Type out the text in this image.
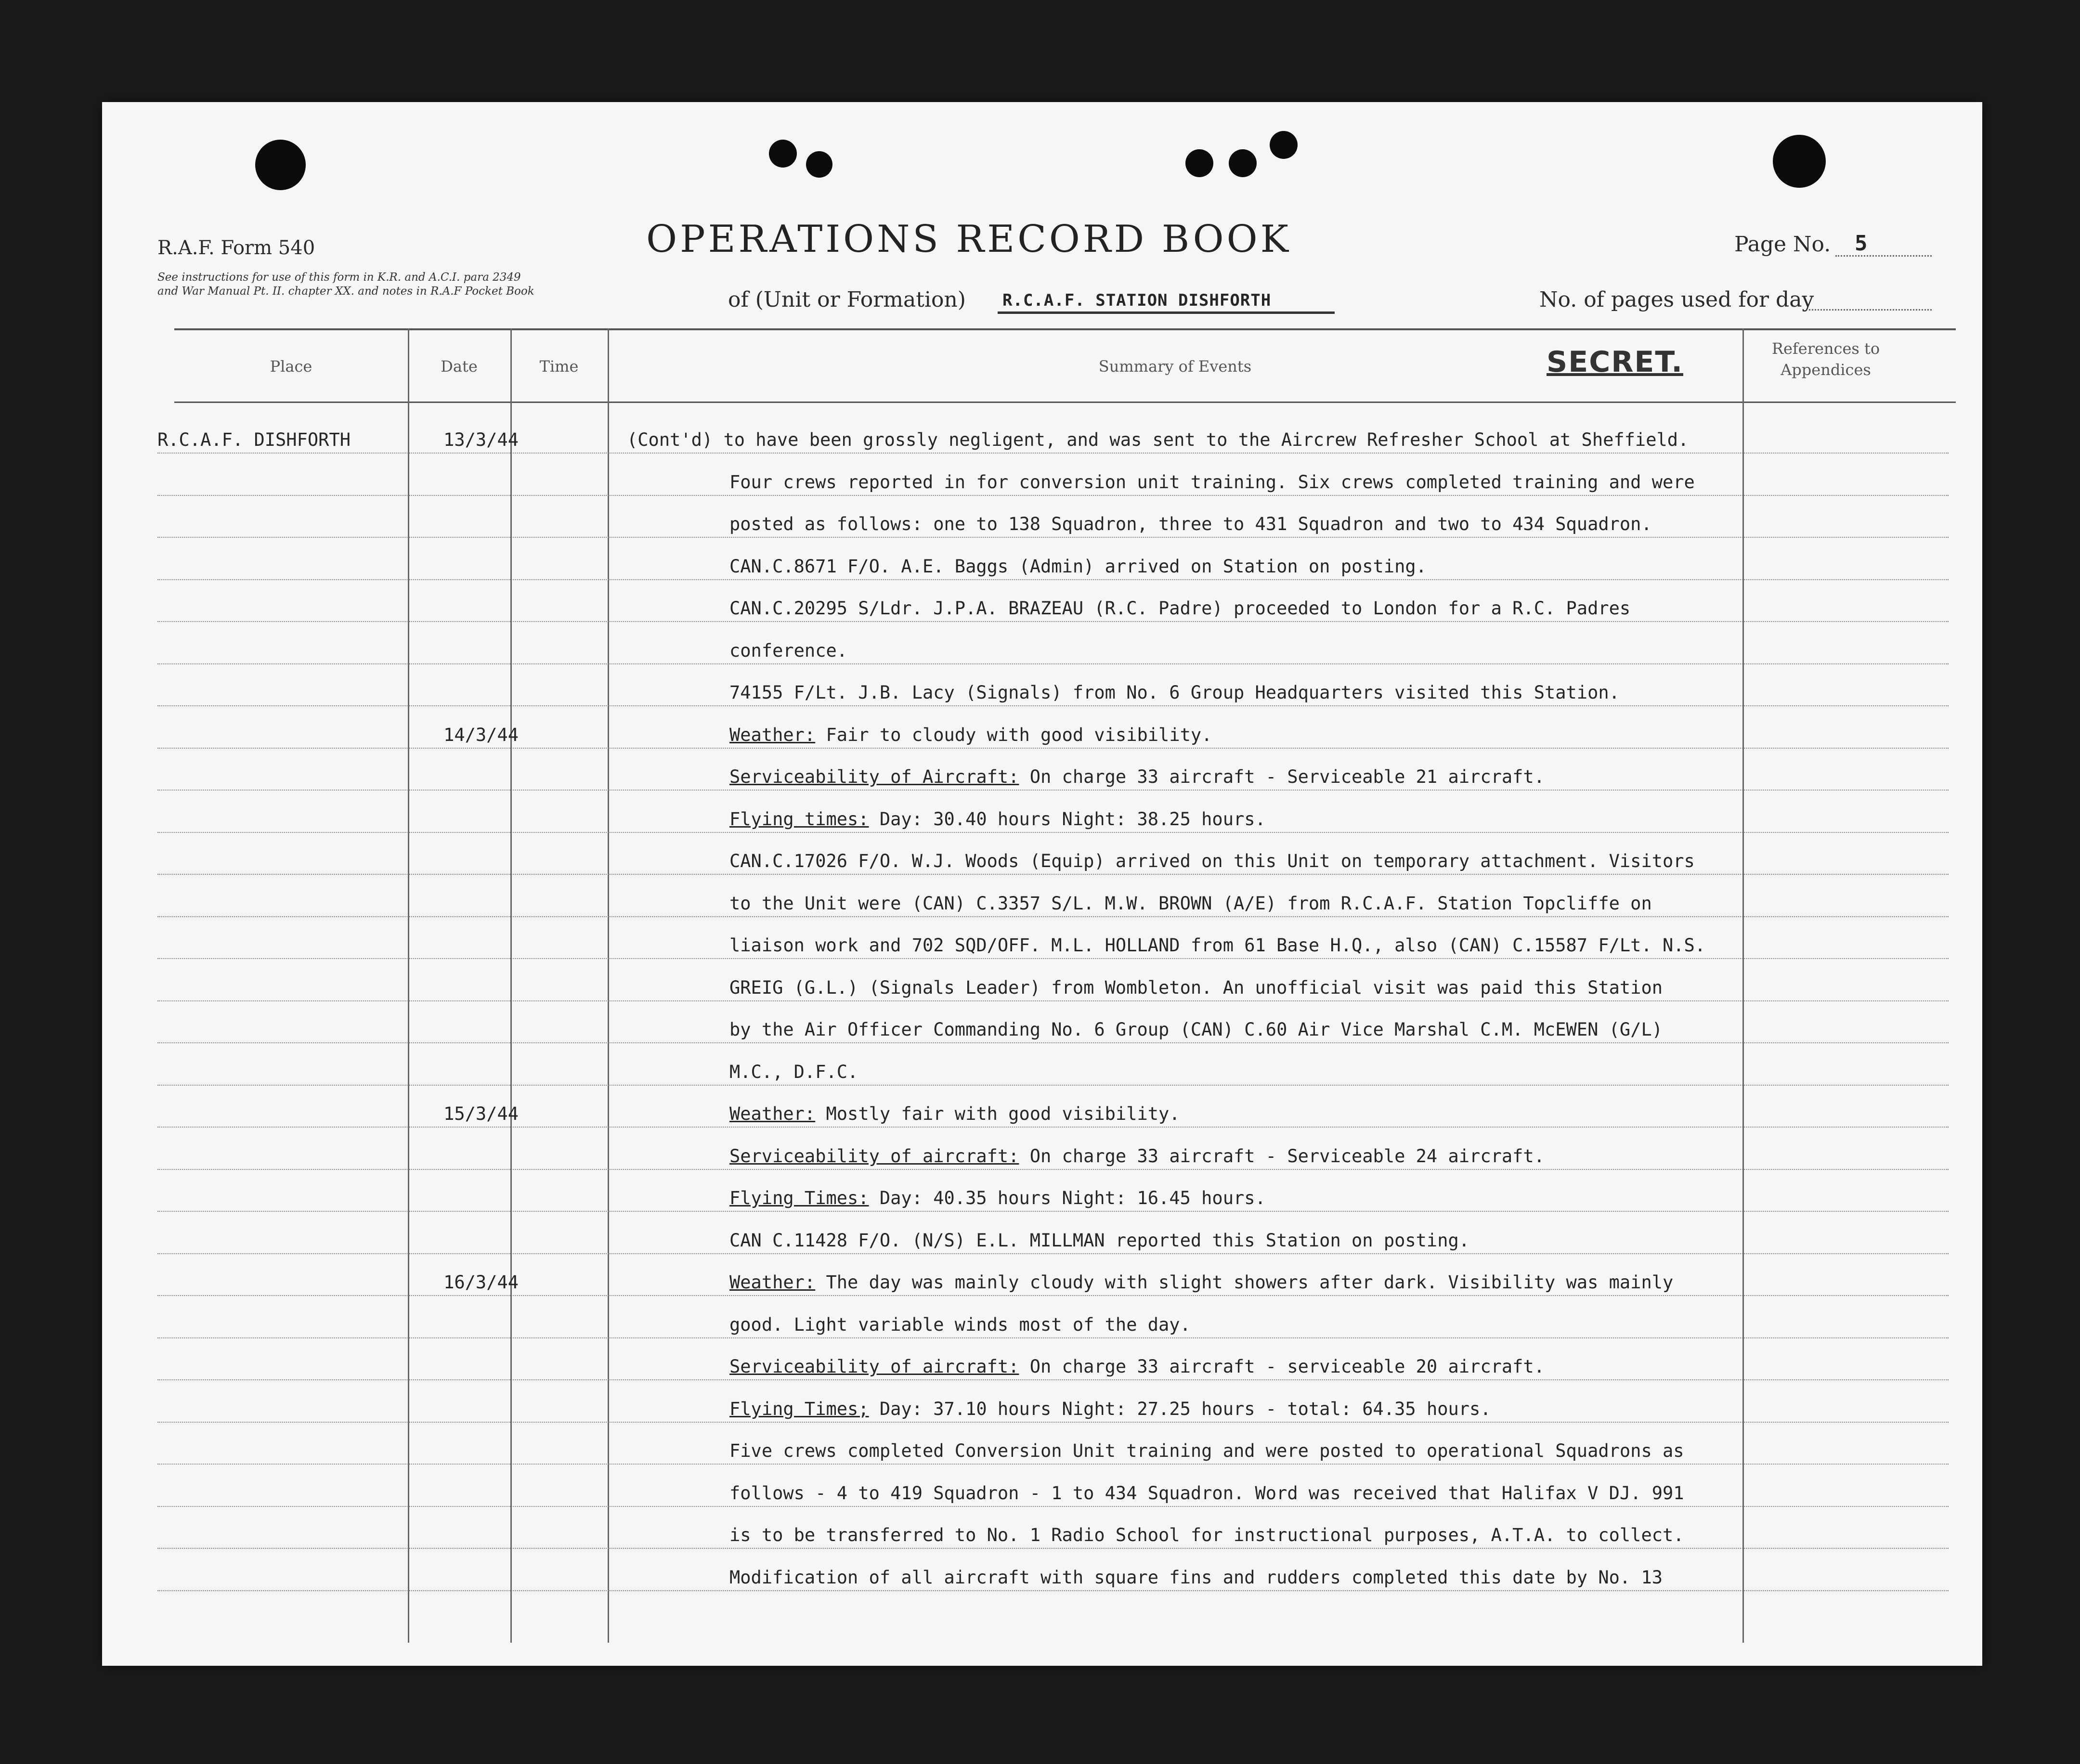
R.A.F. Form 540
See instructions for use of this form in K.R. and A.C.I. para 2349 and War Manual Pt. II. chapter XX. and notes in R.A.F Pocket Book
OPERATIONS RECORD BOOK	Page No. 5
of (Unit or Formation) R.C.A.F. STATION DISHFORTH	No. of pages used for day
Place	Date	Time	Summary of Events	SECRET.	References to Appendices
R.C.A.F. DISHFORTH	13/3/44	(Cont'd) to have been grossly negligent, and was sent to the Aircrew Refresher School at Sheffield.
Four crews reported in for conversion unit training. Six crews completed training and were
posted as follows: one to 138 Squadron, three to 431 Squadron and two to 434 Squadron.
CAN.C.8671 F/O. A.E. Baggs (Admin) arrived on Station on posting.
CAN.C.20295 S/Ldr. J.P.A. BRAZEAU (R.C. Padre) proceeded to London for a R.C. Padres
conference.
74155 F/Lt. J.B. Lacy (Signals) from No. 6 Group Headquarters visited this Station.
14/3/44	Weather: Fair to cloudy with good visibility.
Serviceability of Aircraft: On charge 33 aircraft - Serviceable 21 aircraft.
Flying times: Day: 30.40 hours Night: 38.25 hours.
CAN.C.17026 F/O. W.J. Woods (Equip) arrived on this Unit on temporary attachment. Visitors
to the Unit were (CAN) C.3357 S/L. M.W. BROWN (A/E) from R.C.A.F. Station Topcliffe on
liaison work and 702 SQD/OFF. M.L. HOLLAND from 61 Base H.Q., also (CAN) C.15587 F/Lt. N.S.
GREIG (G.L.) (Signals Leader) from Wombleton. An unofficial visit was paid this Station
by the Air Officer Commanding No. 6 Group (CAN) C.60 Air Vice Marshal C.M. McEWEN (G/L)
M.C., D.F.C.
15/3/44	Weather: Mostly fair with good visibility.
Serviceability of aircraft: On charge 33 aircraft - Serviceable 24 aircraft.
Flying Times: Day: 40.35 hours Night: 16.45 hours.
CAN C.11428 F/O. (N/S) E.L. MILLMAN reported this Station on posting.
16/3/44	Weather: The day was mainly cloudy with slight showers after dark. Visibility was mainly
good. Light variable winds most of the day.
Serviceability of aircraft: On charge 33 aircraft - serviceable 20 aircraft.
Flying Times; Day: 37.10 hours Night: 27.25 hours - total: 64.35 hours.
Five crews completed Conversion Unit training and were posted to operational Squadrons as
follows - 4 to 419 Squadron - 1 to 434 Squadron. Word was received that Halifax V DJ. 991
is to be transferred to No. 1 Radio School for instructional purposes, A.T.A. to collect.
Modification of all aircraft with square fins and rudders completed this date by No. 13
